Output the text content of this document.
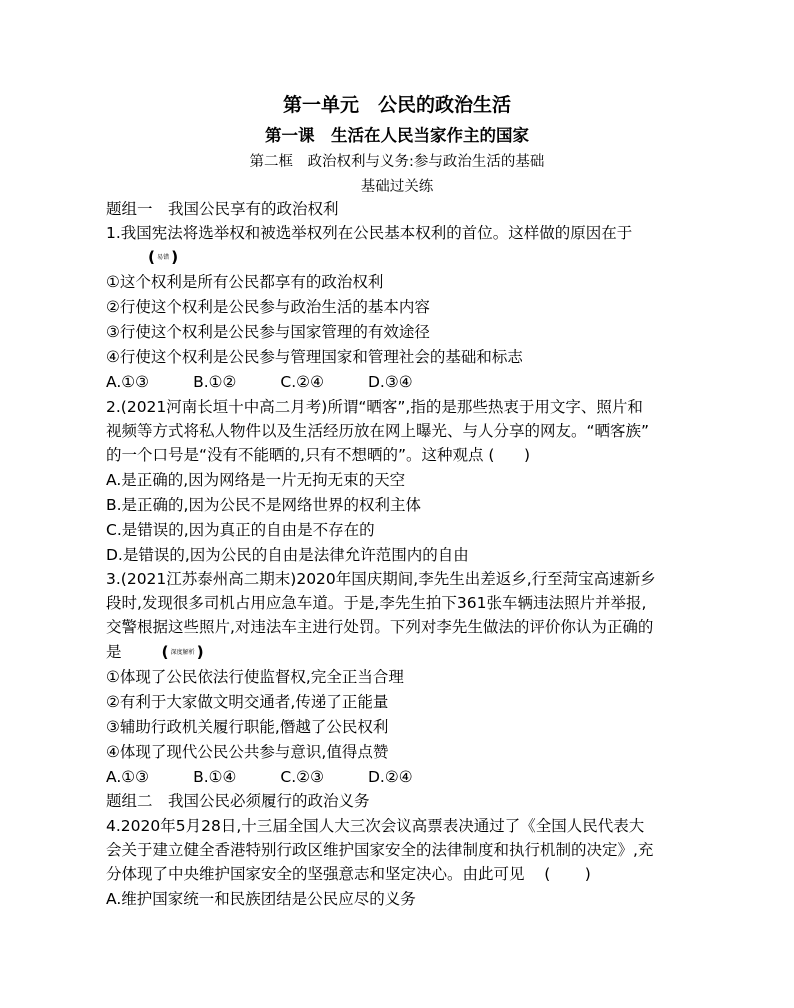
第一单元　公民的政治生活
第一课　生活在人民当家作主的国家
第二框　政治权利与义务:参与政治生活的基础
基础过关练
题组一　我国公民享有的政治权利
1.我国宪法将选举权和被选举权列在公民基本权利的首位。这样做的原因在于
( 易错 )
①这个权利是所有公民都享有的政治权利
②行使这个权利是公民参与政治生活的基本内容
③行使这个权利是公民参与国家管理的有效途径
④行使这个权利是公民参与管理国家和管理社会的基础和标志
A.①③	B.①②	C.②④	D.③④
2.(2021河南长垣十中高二月考)所谓“晒客”,指的是那些热衷于用文字、照片和
视频等方式将私人物件以及生活经历放在网上曝光、与人分享的网友。“晒客族”
的一个口号是“没有不能晒的,只有不想晒的”。这种观点 (      )
A.是正确的,因为网络是一片无拘无束的天空
B.是正确的,因为公民不是网络世界的权利主体
C.是错误的,因为真正的自由是不存在的
D.是错误的,因为公民的自由是法律允许范围内的自由
3.(2021江苏泰州高二期末)2020年国庆期间,李先生出差返乡,行至菏宝高速新乡
段时,发现很多司机占用应急车道。于是,李先生拍下361张车辆违法照片并举报,
交警根据这些照片,对违法车主进行处罚。下列对李先生做法的评价你认为正确的
是	( 深度解析 )
①体现了公民依法行使监督权,完全正当合理
②有利于大家做文明交通者,传递了正能量
③辅助行政机关履行职能,僭越了公民权利
④体现了现代公民公共参与意识,值得点赞
A.①③	B.①④	C.②③	D.②④
题组二　我国公民必须履行的政治义务
4.2020年5月28日,十三届全国人大三次会议高票表决通过了《全国人民代表大
会关于建立健全香港特别行政区维护国家安全的法律制度和执行机制的决定》,充
分体现了中央维护国家安全的坚强意志和坚定决心。由此可见    (       )
A.维护国家统一和民族团结是公民应尽的义务
